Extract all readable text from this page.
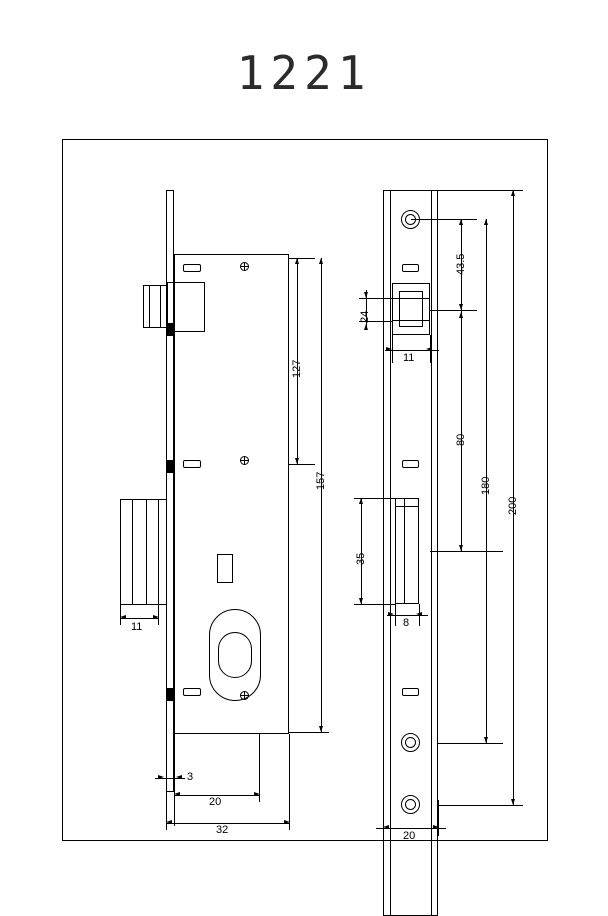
1221
127
157
11
3
20
32
43.5
24
11
80
180
200
35
8
20
